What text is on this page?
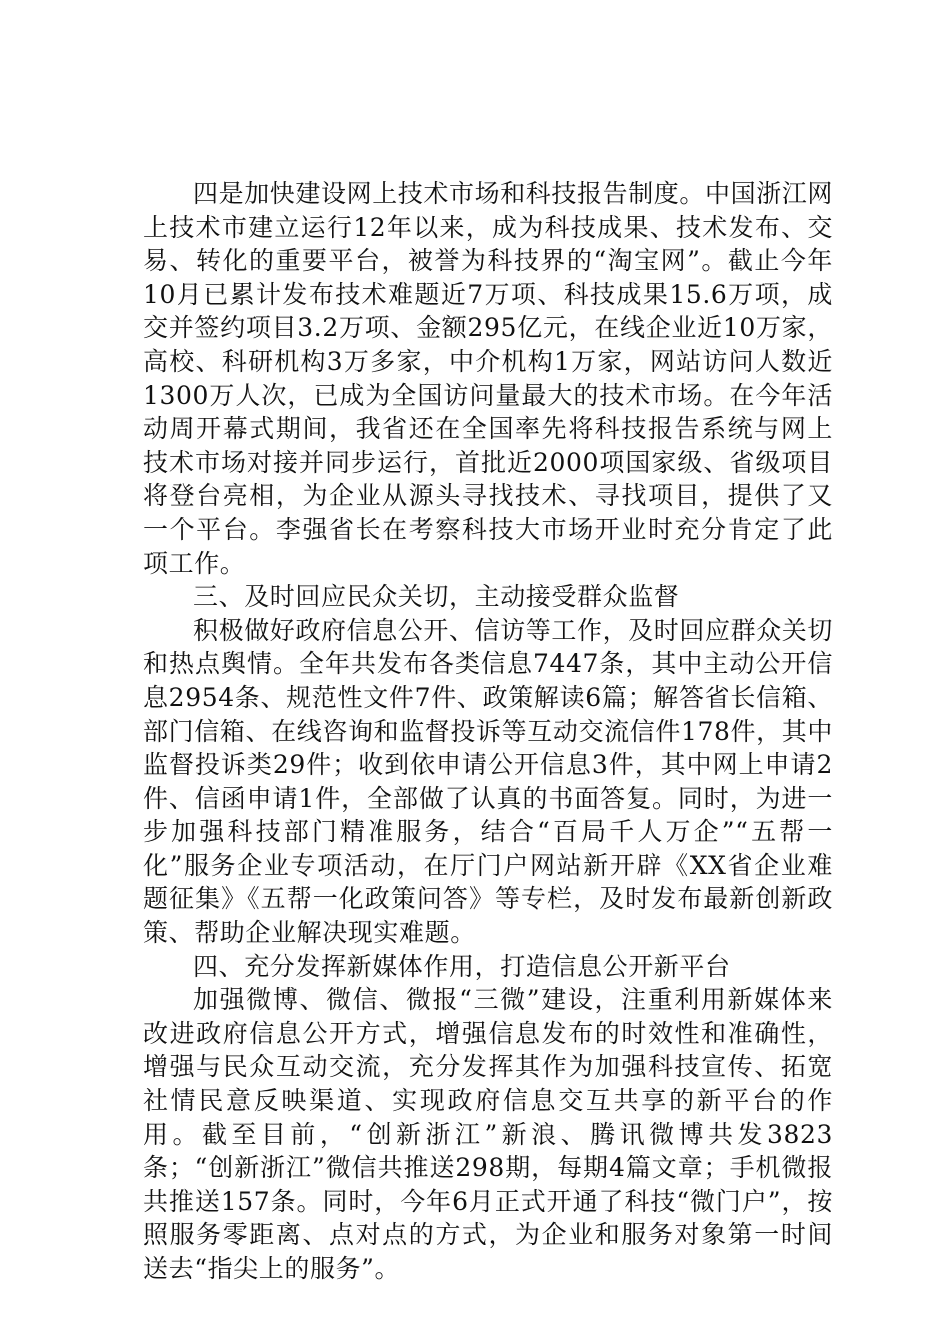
四是加快建设网上技术市场和科技报告制度。中国浙江网上技术市建立运行12年以来，成为科技成果、技术发布、交易、转化的重要平台，被誉为科技界的“淘宝网”。截止今年10月已累计发布技术难题近7万项、科技成果15.6万项，成交并签约项目3.2万项、金额295亿元，在线企业近10万家，高校、科研机构3万多家，中介机构1万家，网站访问人数近1300万人次，已成为全国访问量最大的技术市场。在今年活动周开幕式期间，我省还在全国率先将科技报告系统与网上技术市场对接并同步运行，首批近2000项国家级、省级项目将登台亮相，为企业从源头寻找技术、寻找项目，提供了又一个平台。李强省长在考察科技大市场开业时充分肯定了此项工作。

三、及时回应民众关切，主动接受群众监督

积极做好政府信息公开、信访等工作，及时回应群众关切和热点舆情。全年共发布各类信息7447条，其中主动公开信息2954条、规范性文件7件、政策解读6篇；解答省长信箱、部门信箱、在线咨询和监督投诉等互动交流信件178件，其中监督投诉类29件；收到依申请公开信息3件，其中网上申请2件、信函申请1件，全部做了认真的书面答复。同时，为进一步加强科技部门精准服务，结合“百局千人万企”“五帮一化”服务企业专项活动，在厅门户网站新开辟《XX省企业难题征集》《五帮一化政策问答》等专栏，及时发布最新创新政策、帮助企业解决现实难题。

四、充分发挥新媒体作用，打造信息公开新平台

加强微博、微信、微报“三微”建设，注重利用新媒体来改进政府信息公开方式，增强信息发布的时效性和准确性，增强与民众互动交流，充分发挥其作为加强科技宣传、拓宽社情民意反映渠道、实现政府信息交互共享的新平台的作用。截至目前，“创新浙江”新浪、腾讯微博共发3823条；“创新浙江”微信共推送298期，每期4篇文章；手机微报共推送157条。同时，今年6月正式开通了科技“微门户”，按照服务零距离、点对点的方式，为企业和服务对象第一时间送去“指尖上的服务”。
